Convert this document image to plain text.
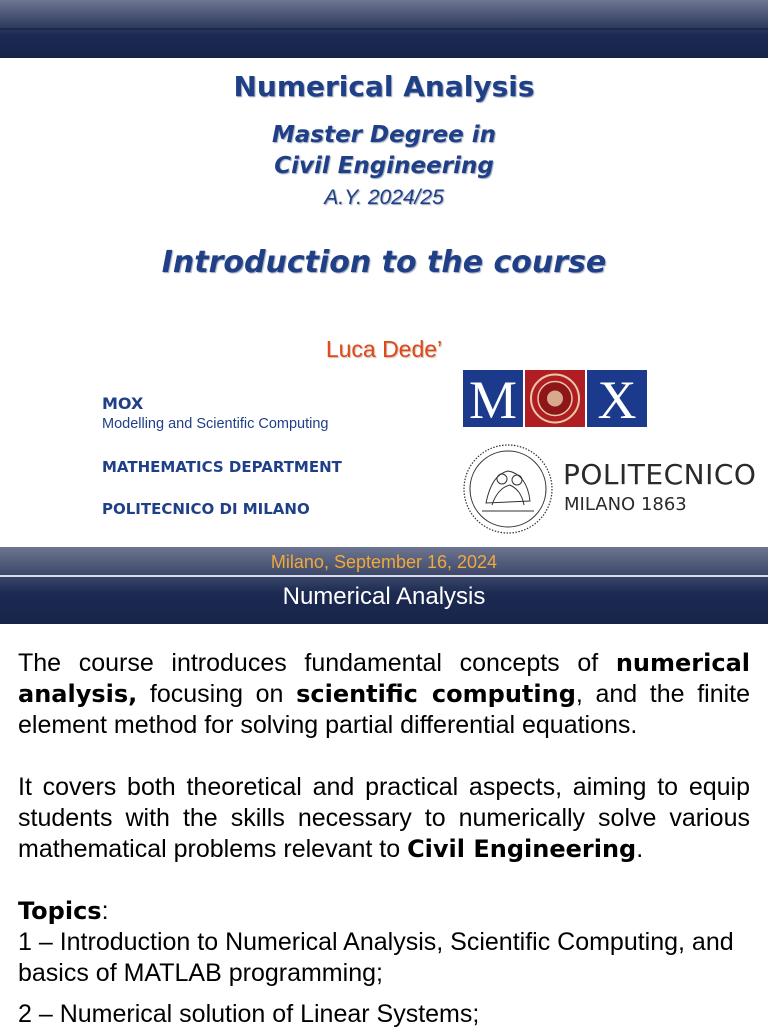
Numerical Analysis
Master Degree in
Civil Engineering
A.Y. 2024/25
Introduction to the course
Luca Dede’
MOX
Modelling and Scientific Computing
MATHEMATICS DEPARTMENT
POLITECNICO DI MILANO
M X
POLITECNICO
MILANO 1863
Milano, September 16, 2024
Numerical Analysis

The course introduces fundamental concepts of numerical analysis, focusing on scientific computing, and the finite element method for solving partial differential equations.

It covers both theoretical and practical aspects, aiming to equip students with the skills necessary to numerically solve various mathematical problems relevant to Civil Engineering.

Topics:

1 – Introduction to Numerical Analysis, Scientific Computing, and basics of MATLAB programming;

2 – Numerical solution of Linear Systems;
